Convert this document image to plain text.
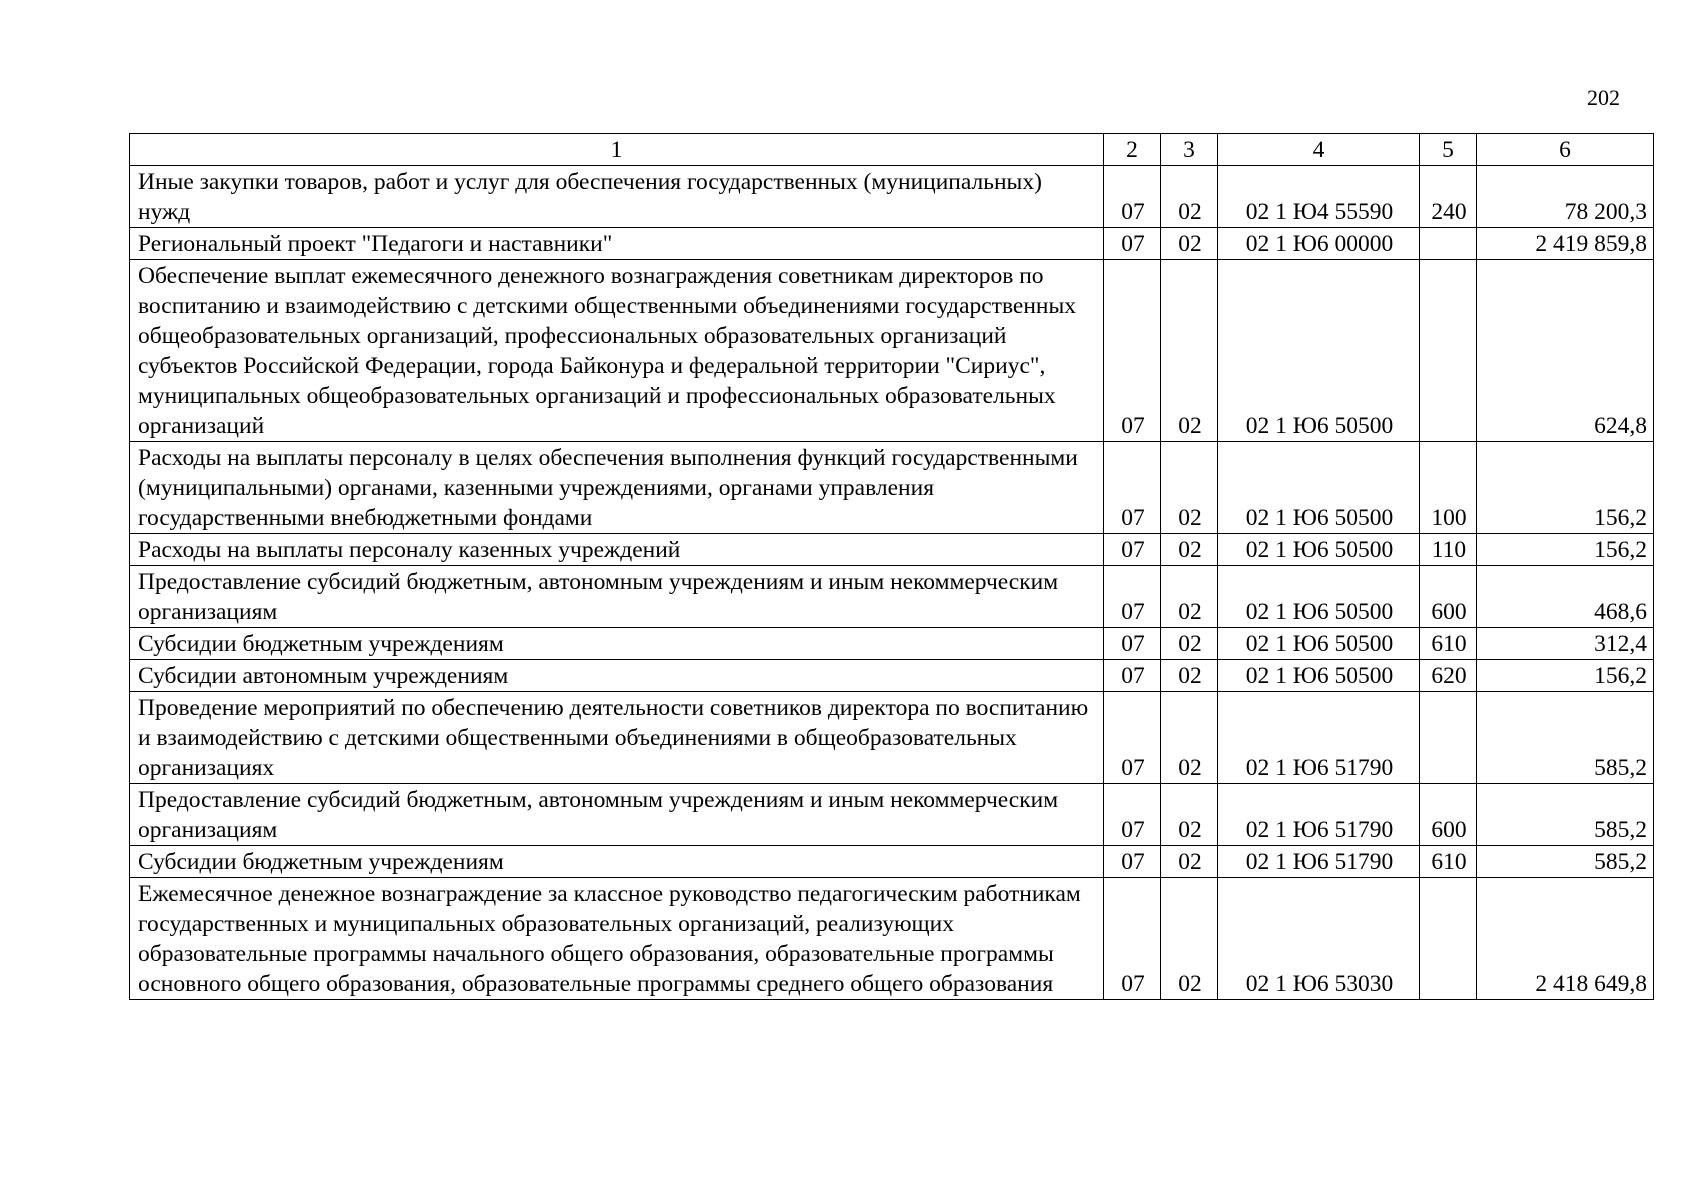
202
1	2	3	4	5	6
Иные закупки товаров, работ и услуг для обеспечения государственных (муниципальных) нужд	07	02	02 1 Ю4 55590	240	78 200,3
Региональный проект "Педагоги и наставники"	07	02	02 1 Ю6 00000		2 419 859,8
Обеспечение выплат ежемесячного денежного вознаграждения советникам директоров по воспитанию и взаимодействию с детскими общественными объединениями государственных общеобразовательных организаций, профессиональных образовательных организаций субъектов Российской Федерации, города Байконура и федеральной территории "Сириус", муниципальных общеобразовательных организаций и профессиональных образовательных организаций	07	02	02 1 Ю6 50500		624,8
Расходы на выплаты персоналу в целях обеспечения выполнения функций государственными (муниципальными) органами, казенными учреждениями, органами управления государственными внебюджетными фондами	07	02	02 1 Ю6 50500	100	156,2
Расходы на выплаты персоналу казенных учреждений	07	02	02 1 Ю6 50500	110	156,2
Предоставление субсидий бюджетным, автономным учреждениям и иным некоммерческим организациям	07	02	02 1 Ю6 50500	600	468,6
Субсидии бюджетным учреждениям	07	02	02 1 Ю6 50500	610	312,4
Субсидии автономным учреждениям	07	02	02 1 Ю6 50500	620	156,2
Проведение мероприятий по обеспечению деятельности советников директора по воспитанию и взаимодействию с детскими общественными объединениями в общеобразовательных организациях	07	02	02 1 Ю6 51790		585,2
Предоставление субсидий бюджетным, автономным учреждениям и иным некоммерческим организациям	07	02	02 1 Ю6 51790	600	585,2
Субсидии бюджетным учреждениям	07	02	02 1 Ю6 51790	610	585,2
Ежемесячное денежное вознаграждение за классное руководство педагогическим работникам государственных и муниципальных образовательных организаций, реализующих образовательные программы начального общего образования, образовательные программы основного общего образования, образовательные программы среднего общего образования	07	02	02 1 Ю6 53030		2 418 649,8
